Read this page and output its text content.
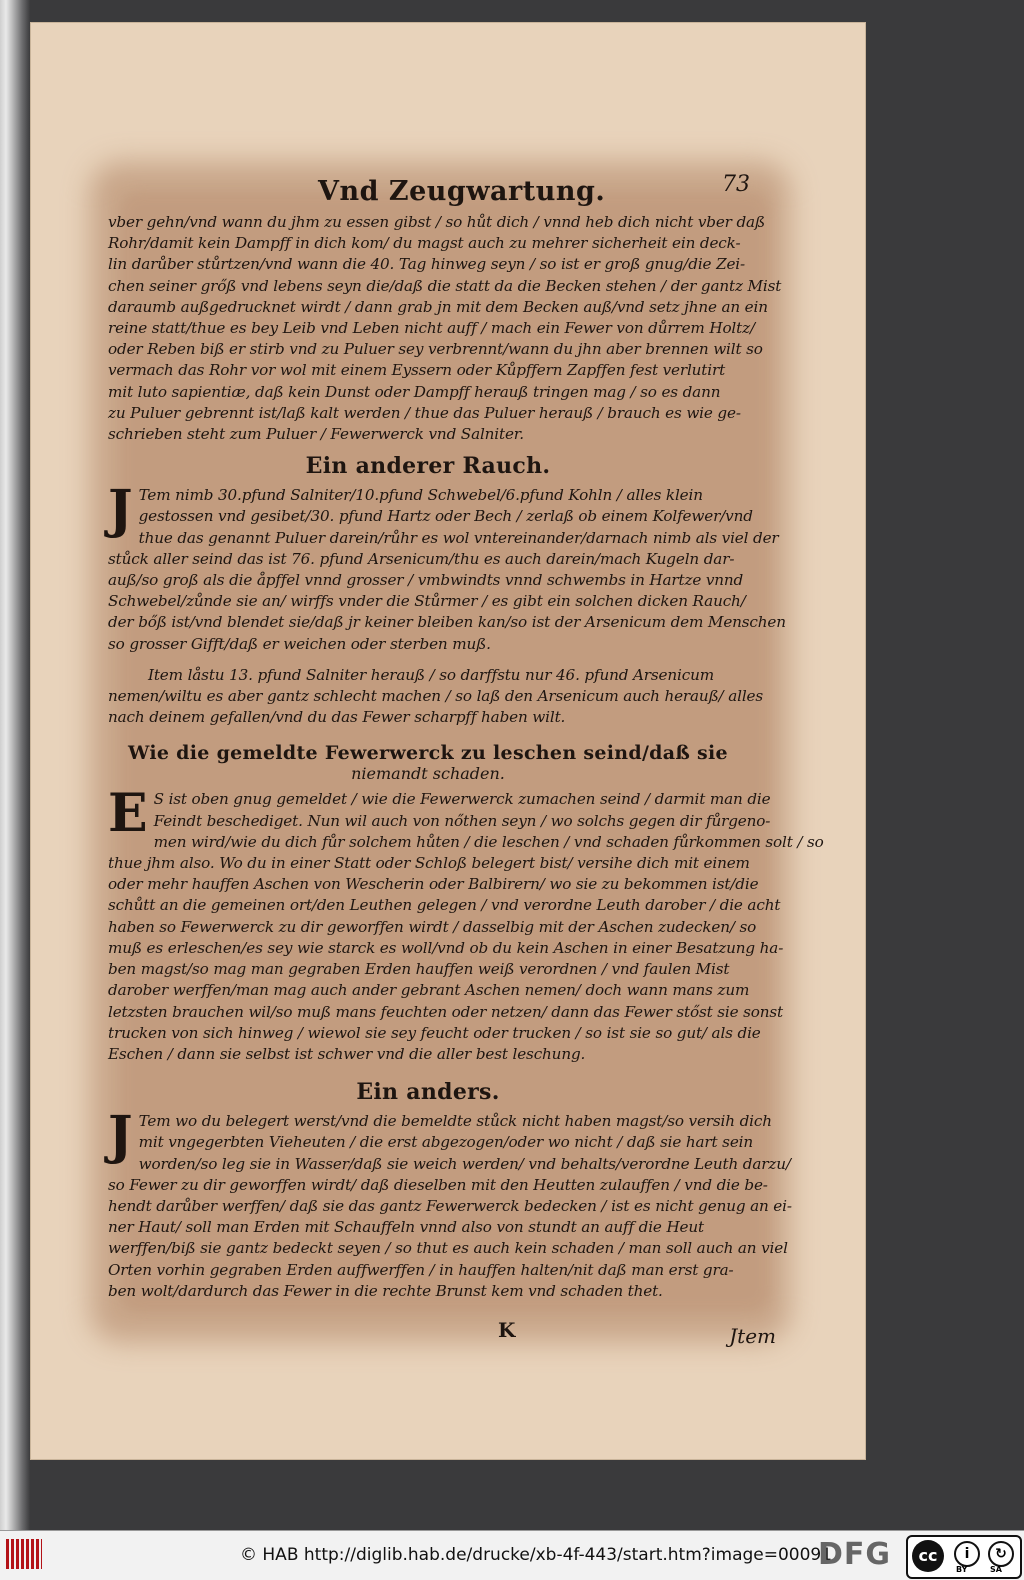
Vnd Zeugwartung.	73
vber gehn/vnd wann du jhm zu essen gibst / so hůt dich / vnnd heb dich nicht vber daß
Rohr/damit kein Dampff in dich kom/ du magst auch zu mehrer sicherheit ein deck-
lin darůber stůrtzen/vnd wann die 40. Tag hinweg seyn / so ist er groß gnug/die Zei-
chen seiner grőß vnd lebens seyn die/daß die statt da die Becken stehen / der gantz Mist
daraumb außgedrucknet wirdt / dann grab jn mit dem Becken auß/vnd setz jhne an ein
reine statt/thue es bey Leib vnd Leben nicht auff / mach ein Fewer von důrrem Holtz/
oder Reben biß er stirb vnd zu Puluer sey verbrennt/wann du jhn aber brennen wilt so
vermach das Rohr vor wol mit einem Eyssern oder Kůpffern Zapffen fest verlutirt
mit luto sapientiæ, daß kein Dunst oder Dampff herauß tringen mag / so es dann
zu Puluer gebrennt ist/laß kalt werden / thue das Puluer herauß / brauch es wie ge-
schrieben steht zum Puluer / Fewerwerck vnd Salniter.
Ein anderer Rauch.
J Tem nimb 30.pfund Salniter/10.pfund Schwebel/6.pfund Kohln / alles klein
gestossen vnd gesibet/30. pfund Hartz oder Bech / zerlaß ob einem Kolfewer/vnd
thue das genannt Puluer darein/růhr es wol vntereinander/darnach nimb als viel der
stůck aller seind das ist 76. pfund Arsenicum/thu es auch darein/mach Kugeln dar-
auß/so groß als die åpffel vnnd grosser / vmbwindts vnnd schwembs in Hartze vnnd
Schwebel/zůnde sie an/ wirffs vnder die Stůrmer / es gibt ein solchen dicken Rauch/
der bőß ist/vnd blendet sie/daß jr keiner bleiben kan/so ist der Arsenicum dem Menschen
so grosser Gifft/daß er weichen oder sterben muß.
Item låstu 13. pfund Salniter herauß / so darffstu nur 46. pfund Arsenicum
nemen/wiltu es aber gantz schlecht machen / so laß den Arsenicum auch herauß/ alles
nach deinem gefallen/vnd du das Fewer scharpff haben wilt.
Wie die gemeldte Fewerwerck zu leschen seind/daß sie
niemandt schaden.
E S ist oben gnug gemeldet / wie die Fewerwerck zumachen seind / darmit man die
Feindt beschediget. Nun wil auch von nőthen seyn / wo solchs gegen dir fůrgeno-
men wird/wie du dich fůr solchem hůten / die leschen / vnd schaden fůrkommen solt / so
thue jhm also. Wo du in einer Statt oder Schloß belegert bist/ versihe dich mit einem
oder mehr hauffen Aschen von Wescherin oder Balbirern/ wo sie zu bekommen ist/die
schůtt an die gemeinen ort/den Leuthen gelegen / vnd verordne Leuth darober / die acht
haben so Fewerwerck zu dir geworffen wirdt / dasselbig mit der Aschen zudecken/ so
muß es erleschen/es sey wie starck es woll/vnd ob du kein Aschen in einer Besatzung ha-
ben magst/so mag man gegraben Erden hauffen weiß verordnen / vnd faulen Mist
darober werffen/man mag auch ander gebrant Aschen nemen/ doch wann mans zum
letzsten brauchen wil/so muß mans feuchten oder netzen/ dann das Fewer stőst sie sonst
trucken von sich hinweg / wiewol sie sey feucht oder trucken / so ist sie so gut/ als die
Eschen / dann sie selbst ist schwer vnd die aller best leschung.
Ein anders.
J Tem wo du belegert werst/vnd die bemeldte stůck nicht haben magst/so versih dich
mit vngegerbten Vieheuten / die erst abgezogen/oder wo nicht / daß sie hart sein
worden/so leg sie in Wasser/daß sie weich werden/ vnd behalts/verordne Leuth darzu/
so Fewer zu dir geworffen wirdt/ daß dieselben mit den Heutten zulauffen / vnd die be-
hendt darůber werffen/ daß sie das gantz Fewerwerck bedecken / ist es nicht genug an ei-
ner Haut/ soll man Erden mit Schauffeln vnnd also von stundt an auff die Heut
werffen/biß sie gantz bedeckt seyen / so thut es auch kein schaden / man soll auch an viel
Orten vorhin gegraben Erden auffwerffen / in hauffen halten/nit daß man erst gra-
ben wolt/dardurch das Fewer in die rechte Brunst kem vnd schaden thet.
K	Jtem
© HAB http://diglib.hab.de/drucke/xb-4f-443/start.htm?image=00091
DFG	cc	i	↻
BY	SA
